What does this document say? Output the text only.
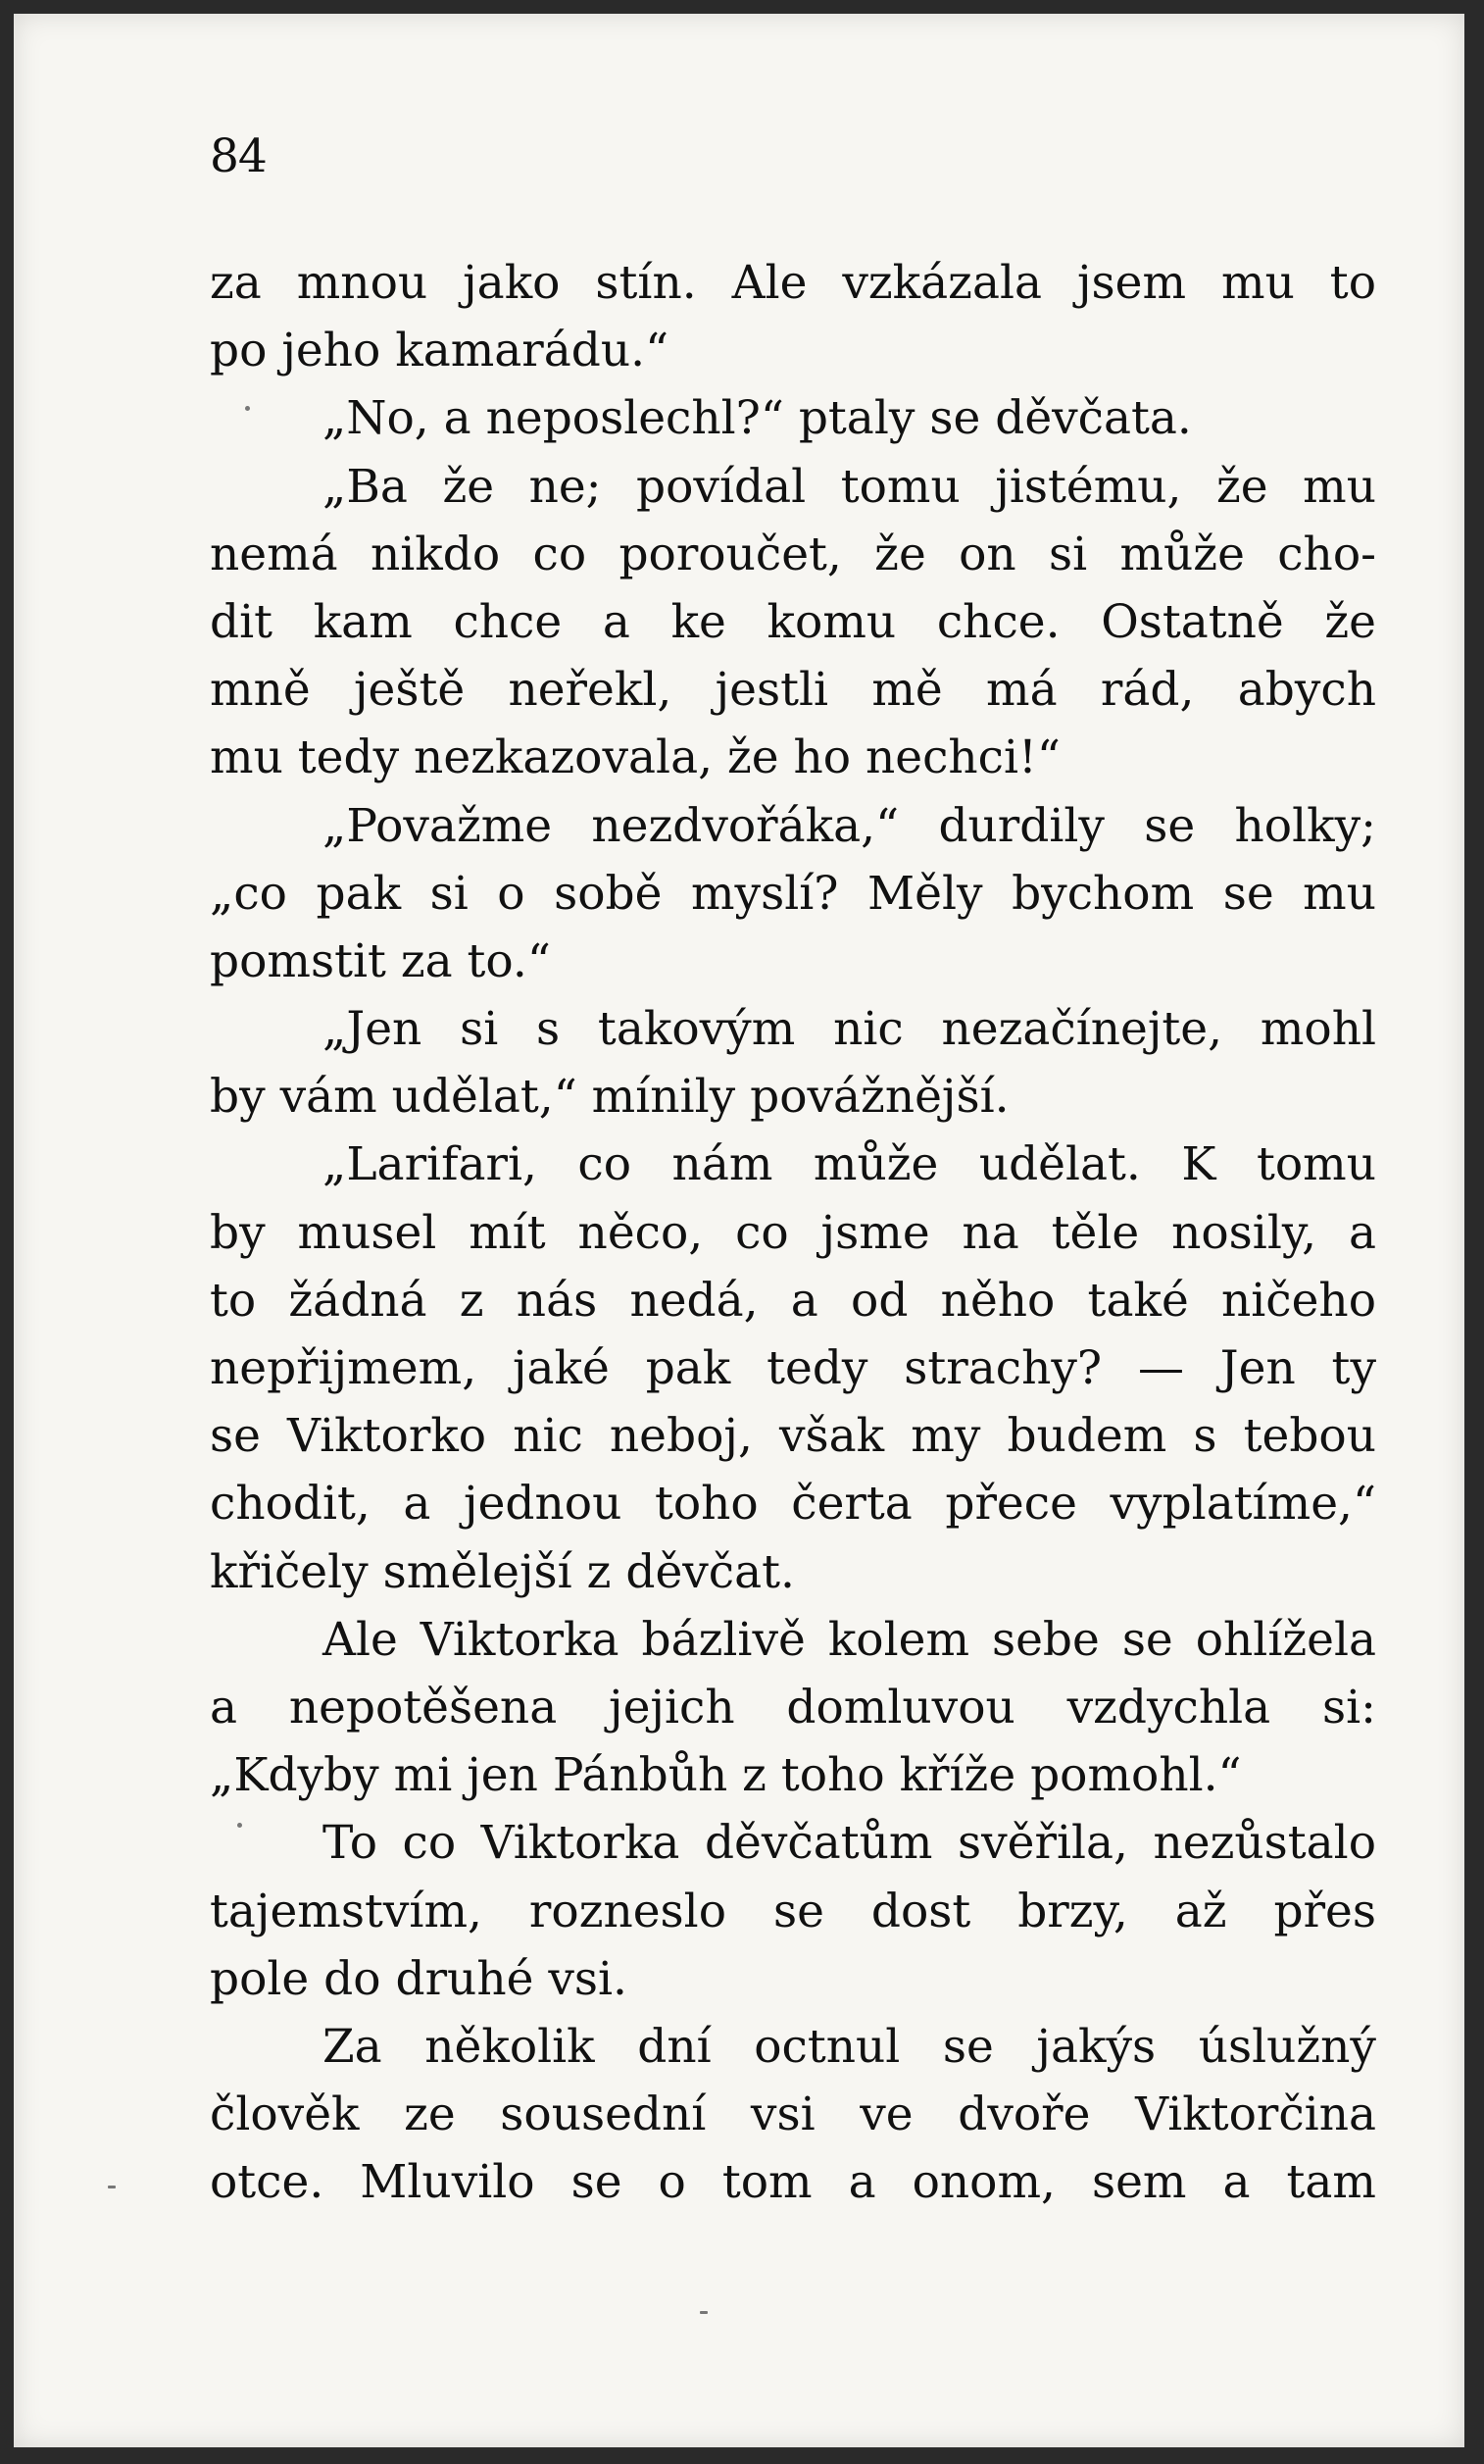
84
za mnou jako stín. Ale vzkázala jsem mu to
po jeho kamarádu.“
„No, a neposlechl?“ ptaly se děvčata.
„Ba že ne; povídal tomu jistému, že mu
nemá nikdo co poroučet, že on si může cho-
dit kam chce a ke komu chce. Ostatně že
mně ještě neřekl, jestli mě má rád, abych
mu tedy nezkazovala, že ho nechci!“
„Považme nezdvořáka,“ durdily se holky;
„co pak si o sobě myslí? Měly bychom se mu
pomstit za to.“
„Jen si s takovým nic nezačínejte, mohl
by vám udělat,“ mínily povážnější.
„Larifari, co nám může udělat. K tomu
by musel mít něco, co jsme na těle nosily, a
to žádná z nás nedá, a od něho také ničeho
nepřijmem, jaké pak tedy strachy? — Jen ty
se Viktorko nic neboj, však my budem s tebou
chodit, a jednou toho čerta přece vyplatíme,“
křičely smělejší z děvčat.
Ale Viktorka bázlivě kolem sebe se ohlížela
a nepotěšena jejich domluvou vzdychla si:
„Kdyby mi jen Pánbůh z toho kříže pomohl.“
To co Viktorka děvčatům svěřila, nezůstalo
tajemstvím, rozneslo se dost brzy, až přes
pole do druhé vsi.
Za několik dní octnul se jakýs úslužný
člověk ze sousední vsi ve dvoře Viktorčina
otce. Mluvilo se o tom a onom, sem a tam
